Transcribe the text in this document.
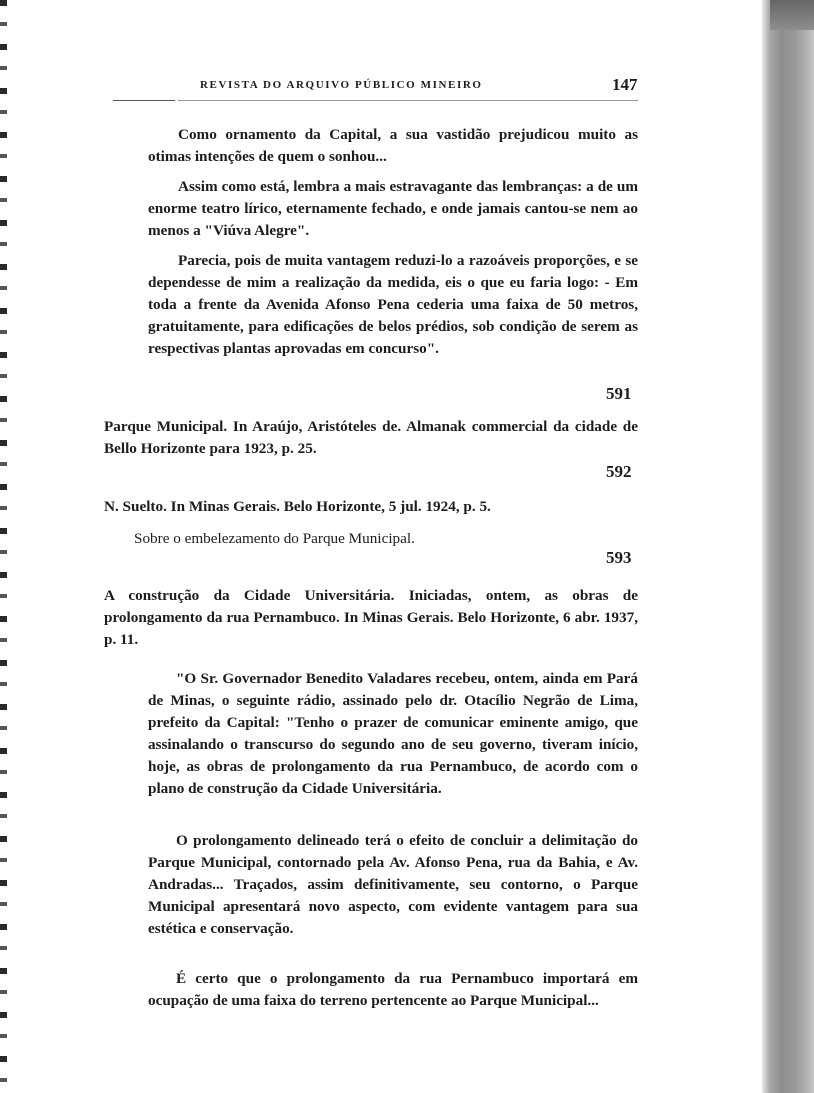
REVISTA DO ARQUIVO PÚBLICO MINEIRO	147

Como ornamento da Capital, a sua vastidão prejudicou muito as otimas intenções de quem o sonhou...

Assim como está, lembra a mais estravagante das lembranças: a de um enorme teatro lírico, eternamente fechado, e onde jamais cantou-se nem ao menos a "Viúva Alegre".

Parecia, pois de muita vantagem reduzi-lo a razoáveis proporções, e se dependesse de mim a realização da medida, eis o que eu faria logo: - Em toda a frente da Avenida Afonso Pena cederia uma faixa de 50 metros, gratuitamente, para edificações de belos prédios, sob condição de serem as respectivas plantas aprovadas em concurso".

591

Parque Municipal. In Araújo, Aristóteles de. Almanak commercial da cidade de Bello Horizonte para 1923, p. 25.

592

N. Suelto. In Minas Gerais. Belo Horizonte, 5 jul. 1924, p. 5.

Sobre o embelezamento do Parque Municipal.

593

A construção da Cidade Universitária. Iniciadas, ontem, as obras de prolongamento da rua Pernambuco. In Minas Gerais. Belo Horizonte, 6 abr. 1937, p. 11.

"O Sr. Governador Benedito Valadares recebeu, ontem, ainda em Pará de Minas, o seguinte rádio, assinado pelo dr. Otacílio Negrão de Lima, prefeito da Capital: "Tenho o prazer de comunicar eminente amigo, que assinalando o transcurso do segundo ano de seu governo, tiveram início, hoje, as obras de prolongamento da rua Pernambuco, de acordo com o plano de construção da Cidade Universitária.

O prolongamento delineado terá o efeito de concluir a delimitação do Parque Municipal, contornado pela Av. Afonso Pena, rua da Bahia, e Av. Andradas... Traçados, assim definitivamente, seu contorno, o Parque Municipal apresentará novo aspecto, com evidente vantagem para sua estética e conservação.

É certo que o prolongamento da rua Pernambuco importará em ocupação de uma faixa do terreno pertencente ao Parque Municipal...
